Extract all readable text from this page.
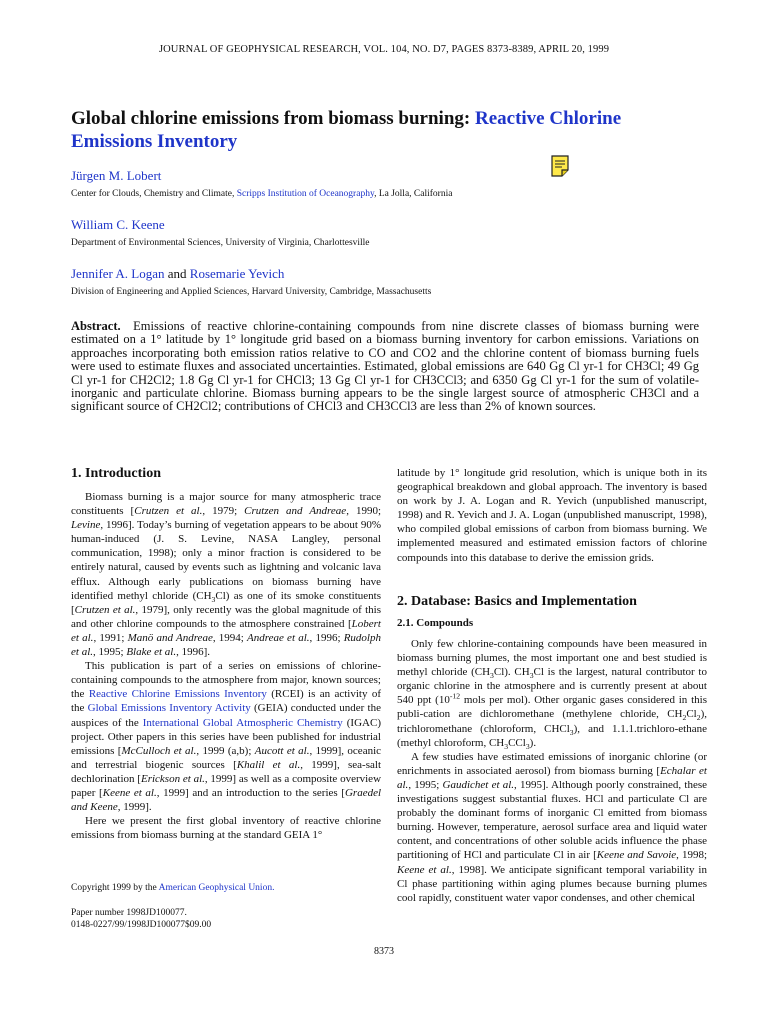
JOURNAL OF GEOPHYSICAL RESEARCH, VOL. 104, NO. D7, PAGES 8373-8389, APRIL 20, 1999
Global chlorine emissions from biomass burning: Reactive Chlorine Emissions Inventory
Jürgen M. Lobert
Center for Clouds, Chemistry and Climate, Scripps Institution of Oceanography, La Jolla, California
William C. Keene
Department of Environmental Sciences, University of Virginia, Charlottesville
Jennifer A. Logan and Rosemarie Yevich
Division of Engineering and Applied Sciences, Harvard University, Cambridge, Massachusetts
Abstract. Emissions of reactive chlorine-containing compounds from nine discrete classes of biomass burning were estimated on a 1° latitude by 1° longitude grid based on a biomass burning inventory for carbon emissions. Variations on approaches incorporating both emission ratios relative to CO and CO2 and the chlorine content of biomass burning fuels were used to estimate fluxes and associated uncertainties. Estimated, global emissions are 640 Gg Cl yr-1 for CH3Cl; 49 Gg Cl yr-1 for CH2Cl2; 1.8 Gg Cl yr-1 for CHCl3; 13 Gg Cl yr-1 for CH3CCl3; and 6350 Gg Cl yr-1 for the sum of volatile-inorganic and particulate chlorine. Biomass burning appears to be the single largest source of atmospheric CH3Cl and a significant source of CH2Cl2; contributions of CHCl3 and CH3CCl3 are less than 2% of known sources.
1. Introduction

Biomass burning is a major source for many atmospheric trace constituents [Crutzen et al., 1979; Crutzen and Andreae, 1990; Levine, 1996]. Today’s burning of vegetation appears to be about 90% human-induced (J. S. Levine, NASA Langley, personal communication, 1998); only a minor fraction is considered to be entirely natural, caused by events such as lightning and volcanic lava efflux. Although early publications on biomass burning have identified methyl chloride $(CH_3Cl)$ as one of its smoke constituents [Crutzen et al., 1979], only recently was the global magnitude of this and other chlorine compounds to the atmosphere constrained [Lobert et al., 1991; Manö and Andreae, 1994; Andreae et al., 1996; Rudolph et al., 1995; Blake et al., 1996].

This publication is part of a series on emissions of chlorine-containing compounds to the atmosphere from major, known sources; the Reactive Chlorine Emissions Inventory (RCEI) is an activity of the Global Emissions Inventory Activity (GEIA) conducted under the auspices of the International Global Atmospheric Chemistry (IGAC) project. Other papers in this series have been published for industrial emissions [McCulloch et al., 1999 (a,b); Aucott et al., 1999], oceanic and terrestrial biogenic sources [Khalil et al., 1999], sea-salt dechlorination [Erickson et al., 1999] as well as a composite overview paper [Keene et al., 1999] and an introduction to the series [Graedel and Keene, 1999].

Here we present the first global inventory of reactive chlorine emissions from biomass burning at the standard GEIA 1°

Copyright 1999 by the American Geophysical Union.
Paper number 1998JD100077.
0148-0227/99/1998JD100077$09.00

latitude by 1° longitude grid resolution, which is unique both in its geographical breakdown and global approach. The inventory is based on work by J. A. Logan and R. Yevich (unpublished manuscript, 1998) and R. Yevich and J. A. Logan (unpublished manuscript, 1998), who compiled global emissions of carbon from biomass burning. We implemented measured and estimated emission factors of chlorine compounds into this database to derive the emission grids.

2. Database: Basics and Implementation
2.1. Compounds

Only few chlorine-containing compounds have been measured in biomass burning plumes, the most important one and best studied is methyl chloride $(CH_3Cl)$. $CH_3Cl$ is the largest, natural contributor to organic chlorine in the atmosphere and is currently present at about 540 ppt ($10^{-12}$ mols per mol). Other organic gases considered in this publi-cation are dichloromethane (methylene chloride, $CH_2Cl_2$), trichloromethane (chloroform, CHCl$_3$), and 1.1.1.trichloro-ethane (methyl chloroform, $CH_3CCl_3$).

A few studies have estimated emissions of inorganic chlorine (or enrichments in associated aerosol) from biomass burning [Echalar et al., 1995; Gaudichet et al., 1995]. Although poorly constrained, these investigations suggest substantial fluxes. HCl and particulate Cl are probably the dominant forms of inorganic Cl emitted from biomass burning. However, temperature, aerosol surface area and liquid water content, and concentrations of other soluble acids influence the phase partitioning of HCl and particulate Cl in air [Keene and Savoie, 1998; Keene et al., 1998]. We anticipate significant temporal variability in Cl phase partitioning within aging plumes because burning plumes cool rapidly, constituent water vapor condenses, and other chemical

8373
